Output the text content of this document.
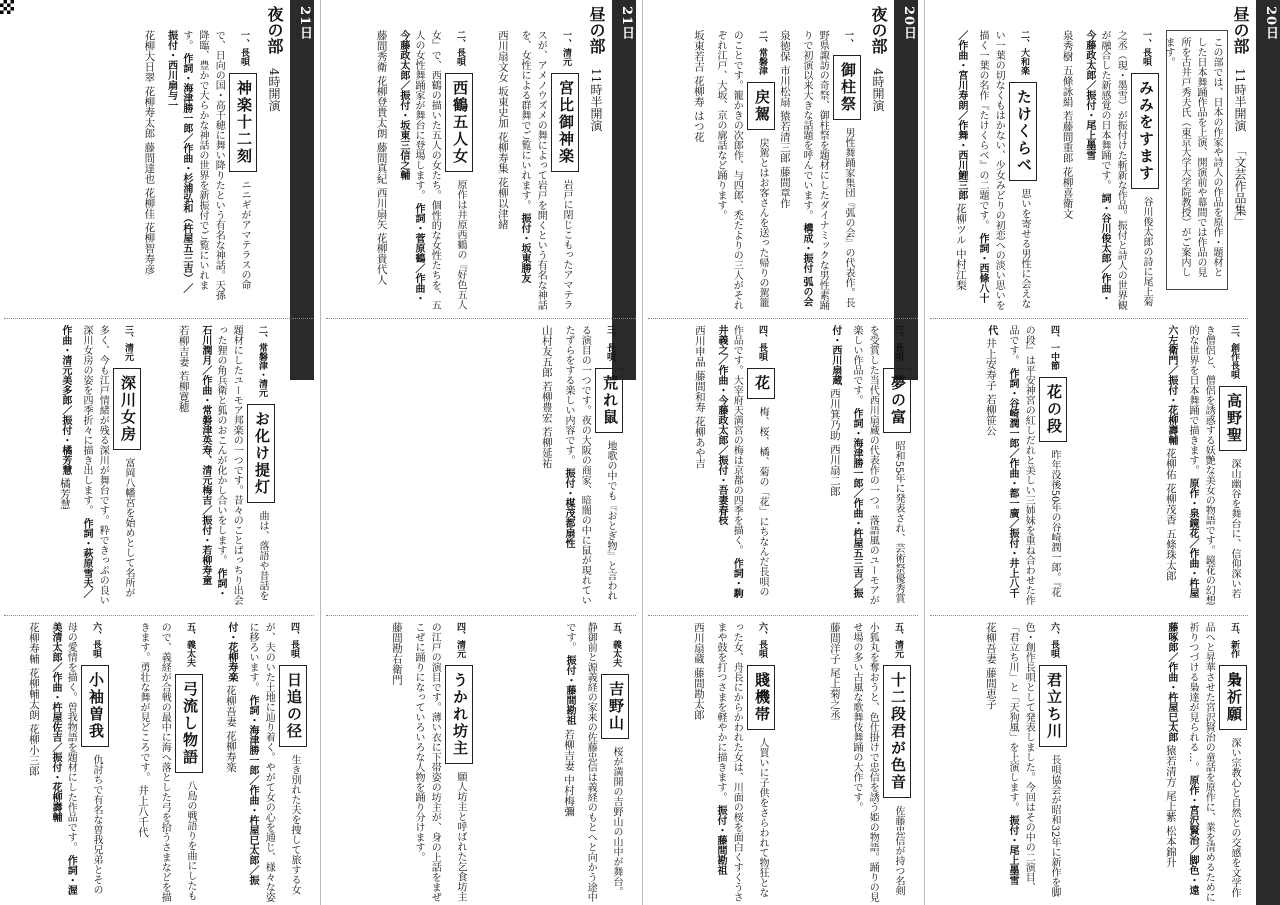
21日
夜の部 4時開演
一、長唄 神楽十二刻 ニニギがアマテラスの命で、日向の国・高千穂に舞い降りたという有名な神話。天孫降臨、豊かで大らかな神話の世界を新振付でご覧にいれます。 作詞・海津勝一郎／作曲・杉浦弘和（杵屋五三吉）／振付・西川扇与一 花柳大日翠 花柳寿太郎 藤間達也 花柳佳 花柳智寿彦
二、常磐津・清元 お化け提灯 曲は、落語や昔話を題材にしたユーモア邦楽の一つです。昔々のことばっちり出会った狸の角兵衛と狐のおこんが化かし合いをします。 作詞・石川潤月／作曲・常磐津英寿、清元梅吉／振付・若柳寿童 若柳吉妻 若柳寛穂
三、清元 深川女房 富岡八幡宮を始めとして名所が多く、今も江戸情緒が残る深川が舞台です。粋できっぷの良い深川女房の姿を四季折々に描き出します。 作詞・萩原雪夫／作曲・清元美多郎／振付・橘芳慧 橘芳慧
四、長唄 日追の径 生き別れた夫を捜して旅する女が、夫のいた土地に辿り着く。やがて女の心を通じ、様々な姿に移ろいます。 作詞・海津勝一郎／作曲・杵屋巳太郎／振付・花柳寿楽 花柳吾妻 花柳寿楽
五、義太夫 弓流し物語 八島の戦語りを曲にしたもので、義経が合戦の最中に海へ落とした弓を拾うさまなどを描きます。勇壮な舞が見どころです。 井上八千代
六、長唄 小袖曽我 仇討ちで有名な曽我兄弟とその母の愛情を描く。曽我物語を題材にした作品です。 作詞・渥美清太郎／作曲・杵屋佐吉／振付・花柳壽輔 花柳寿輔 花柳輔太朗 花柳小三郎
21日
昼の部 11時半開演
一、清元 宮比御神楽 岩戸に閉じこもったアマテラスが、アメノウズメの舞によって岩戸を開くという有名な神話を、女性による群舞でご覧にいれます。 振付・坂東勝友 西川扇文女 坂東史加 花柳寿集 花柳以津緒
二、長唄 西鶴五人女 原作は井原西鶴の『好色五人女』で、西鶴の描いた五人の女たち。個性的な女性たちを、五人の女性舞踊家が舞台に登場します。 作詞・菅原鶴／作曲・今藤政太郎／振付・坂東三信之輔 藤間秀衛 花柳登貴太朗 藤間真紀 西川扇矢 花柳貴代人
三、長唄 荒れ鼠 地歌の中でも『おとぎ物』と言われる演目の一つです。夜の大阪の商家、暗闇の中に鼠が現れていたずらをする楽しい内容です。 振付・楳茂都扇性 山村友五郎 若柳豊宏 若柳延祐
四、清元 うかれ坊主 願人坊主と呼ばれた乞食坊主の江戸の演目です。薄い衣に下帯姿の坊主が、身の上話をまぜこぜに踊りになっていろいろな人物を踊り分けます。 藤間勘右衛門	五、義太夫 吉野山 桜が満開の吉野山の山中が舞台。静御前と源義経の家来の佐藤忠信は義経のもとへと向かう途中です。 振付・藤間勘祖 若柳吉妻 中村梅彌
20日
夜の部 4時開演
一、 御柱祭 男性舞踊家集団『弧の会』の代表作。長野県諏訪の奇祭、御柱祭を題材にしたダイナミックな男性素踊りで初演以来大きな話題を呼んでいます。 構成・振付 弧の会 泉徳保 市川松扇 猿若清三郎 藤間章作
二、常磐津 戻駕 戻駕とはお客さんを送った帰りの駕籠のことです。籠かきの次郎作、与四郎、禿たよりの三人がそれぞれ江戸、大坂、京の廓話など踊ります。 坂東若吉 花柳寿 はつ花
三、長唄 夢の富 昭和55年に発表され、芸術祭優秀賞を受賞した当代西川扇蔵の代表作の一つ。落語風のユーモアが楽しい作品です。 作詞・海津勝一郎／作曲・杵屋五三吉／振付・西川扇蔵 西川箕乃助 西川扇二郎
四、長唄 花 梅、桜、橘、菊の「花」にちなんだ長唄の作品です。大宰府天満宮の梅は京都の四季を描く。 作詞・駒井義之／作曲・今藤政太郎／振付・吾妻春枝 西川申晶 藤間和寿 花柳あや吉
五、清元 十二段君が色音 佐藤忠信が持つ名剣小狐丸を奪おうと、色仕掛けで忠信を誘う姫の物語。踊りの見せ場の多い古風な歌舞伎舞踊の大作です。 藤間洋子 尾上菊之丞
六、長唄 賤機帯 人買いに子供をさらわれて物狂となった女、舟長にからかわれた女は、川面の桜を面白くすくうさまや鼓を打つさまを軽やかに描きます。 振付・藤間勘祖 西川扇蔵 藤間勘太郎
20日
昼の部 11時半開演 「文芸作品集」
この部では、日本の作家や詩人の作品を原作・題材とした日本舞踊作品を上演、開演前や幕間では作品の見所を古井戸秀夫氏（東京大学大学院教授）がご案内します。
一、長唄 みみをすます 谷川俊太郎の詩に尾上菊之丞（現・墨雪）が振付けた斬新な作品。振付と詩人の世界観が融合した新感覚の日本舞踊です。 詞・谷川俊太郎／作曲・今藤政太郎／振付・尾上墨雪 泉秀樹 五條詠絹 若藤間重郎 花柳喜衛文
二、大和楽 たけくらべ 思いを寄せる男性に会えない一葉の切なくもはかない、少女みどりの初恋への淡い思いを描く一葉の名作『たけくらべ』の二題です。 作詞・西條八十／作曲・宮川寿朗／作舞・西川鯉三郎 花柳ツル 中村江梨
三、創作長唄 高野聖 深山幽谷を舞台に、信仰深い若き僧侶と、僧侶を誘惑する妖艶な美女の物語です。鏡花の幻想的な世界を日本舞踊で描きます。 原作・泉鏡花／作曲・杵屋六左衛門／振付・花柳壽輔 花柳佑 花柳茂香 五條珠太郎
四、一中節 花の段 昨年没後50年の谷崎潤一郎。『花の段』は平安神宮の紅しだれと美しい三姉妹を重ね合わせた作品です。 作詞・谷崎潤一郎／作曲・都一廣／振付・井上八千代 井上安寿子 若柳笹公
五、新作 梟祈願 深い宗教心と自然との交感を文学作品へと昇華させた宮沢賢治の童話を原作に、業を清めるために祈りつづける梟達が見られる…。 原作・宮沢賢治／脚色・遠藤啄郎／作曲・杵屋巳太郎 猿若清方 尾上紫 松本錦升
六、長唄 君立ち川 長唄協会が昭和32年に新作を脚色・創作長唄として発表しました。今回はその中の二演目、「君立ち川」と「天狗風」を上演します。 振付・尾上墨雪 花柳吾妻 藤間恵子
